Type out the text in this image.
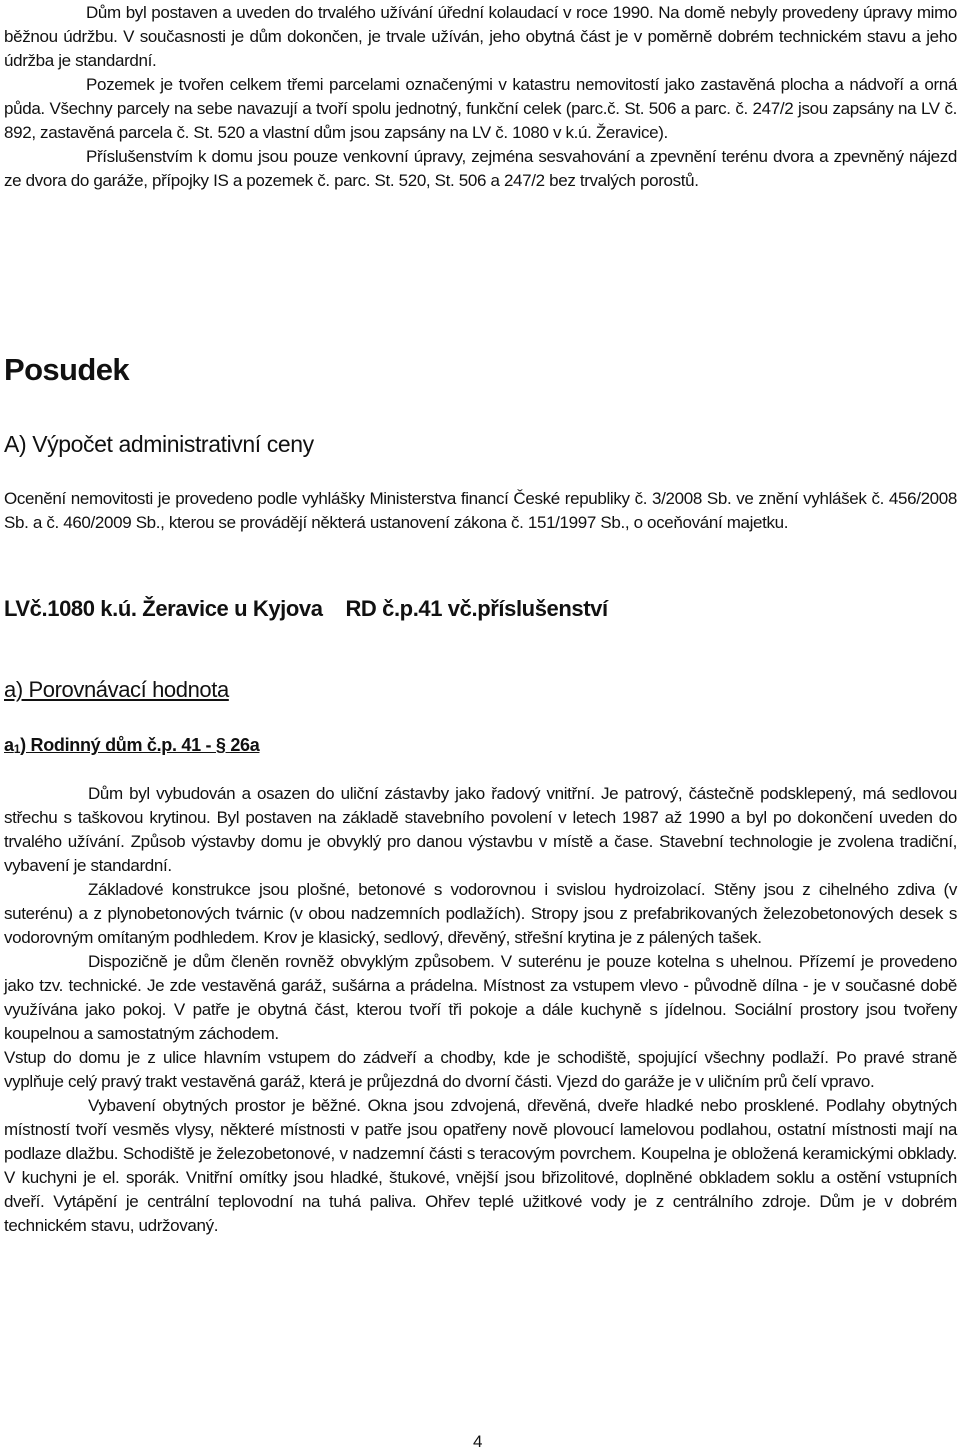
Dům byl postaven a uveden do trvalého užívání úřední kolaudací v roce 1990. Na domě nebyly provedeny úpravy mimo běžnou údržbu. V současnosti je dům dokončen, je trvale užíván, jeho obytná část je v poměrně dobrém technickém stavu a jeho údržba je standardní.

Pozemek je tvořen celkem třemi parcelami označenými v katastru nemovitostí jako zastavěná plocha a nádvoří a orná půda. Všechny parcely na sebe navazují a tvoří spolu jednotný, funkční celek (parc.č. St. 506 a parc. č. 247/2 jsou zapsány na LV č. 892, zastavěná parcela č. St. 520 a vlastní dům jsou zapsány na LV č. 1080 v k.ú. Žeravice).

Příslušenstvím k domu jsou pouze venkovní úpravy, zejména sesvahování a zpevnění terénu dvora a zpevněný nájezd ze dvora do garáže, přípojky IS a pozemek č. parc. St. 520, St. 506 a 247/2 bez trvalých porostů.

Posudek
A) Výpočet administrativní ceny

Ocenění nemovitosti je provedeno podle vyhlášky Ministerstva financí České republiky č. 3/2008 Sb. ve znění vyhlášek č. 456/2008 Sb. a č. 460/2009 Sb., kterou se provádějí některá ustanovení zákona č. 151/1997 Sb., o oceňování majetku.

LVč.1080 k.ú. Žeravice u Kyjova    RD č.p.41 vč.příslušenství
a) Porovnávací hodnota
a1) Rodinný dům č.p. 41 - § 26a

Dům byl vybudován a osazen do uliční zástavby jako řadový vnitřní. Je patrový, částečně podsklepený, má sedlovou střechu s taškovou krytinou. Byl postaven na základě stavebního povolení v letech 1987 až 1990 a byl po dokončení uveden do trvalého užívání. Způsob výstavby domu je obvyklý pro danou výstavbu v místě a čase. Stavební technologie je zvolena tradiční, vybavení je standardní.

Základové konstrukce jsou plošné, betonové s vodorovnou i svislou hydroizolací. Stěny jsou z cihelného zdiva (v suterénu) a z plynobetonových tvárnic (v obou nadzemních podlažích). Stropy jsou z prefabrikovaných železobetonových desek s vodorovným omítaným podhledem. Krov je klasický, sedlový, dřevěný, střešní krytina je z pálených tašek.

Dispozičně je dům členěn rovněž obvyklým způsobem. V suterénu je pouze kotelna s uhelnou. Přízemí je provedeno jako tzv. technické. Je zde vestavěná garáž, sušárna a prádelna. Místnost za vstupem vlevo - původně dílna - je v současné době využívána jako pokoj. V patře je obytná část, kterou tvoří tři pokoje a dále kuchyně s jídelnou. Sociální prostory jsou tvořeny koupelnou a samostatným záchodem.

Vstup do domu je z ulice hlavním vstupem do zádveří a chodby, kde je schodiště, spojující všechny podlaží. Po pravé straně vyplňuje celý pravý trakt vestavěná garáž, která je průjezdná do dvorní části. Vjezd do garáže je v uličním prů čelí vpravo.

Vybavení obytných prostor je běžné. Okna jsou zdvojená, dřevěná, dveře hladké nebo prosklené. Podlahy obytných místností tvoří vesměs vlysy, některé místnosti v patře jsou opatřeny nově plovoucí lamelovou podlahou, ostatní místnosti mají na podlaze dlažbu. Schodiště je železobetonové, v nadzemní části s teracovým povrchem. Koupelna je obložená keramickými obklady. V kuchyni je el. sporák. Vnitřní omítky jsou hladké, štukové, vnější jsou břizolitové, doplněné obkladem soklu a ostění vstupních dveří. Vytápění je centrální teplovodní na tuhá paliva. Ohřev teplé užitkové vody je z centrálního zdroje. Dům je v dobrém technickém stavu, udržovaný.

4
